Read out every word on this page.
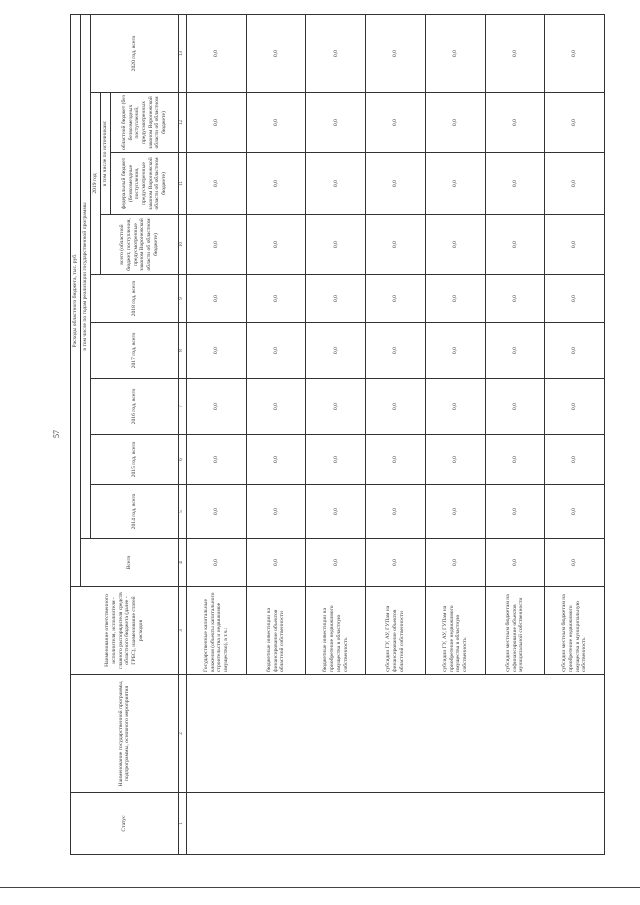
57
Статус	Наименование государственной программы, подпрограммы, основного мероприятия	Наименование ответственного исполнителя, исполнителя - главного распорядителя средств областного бюджета (далее - ГРБС), наименование статей расходов	Расходы областного бюджета, тыс. руб.									
			Всего	в том числе по годам реализации государственной программы								
				2014 год, всего	2015 год, всего	2016 год, всего	2017 год, всего	2018 год, всего	2019 год			2020 год, всего
									всего (областной бюджет, поступления, предусмотренные законом Воронежской области об областном бюджете)	в том числе по источникам:		
										федеральный бюджет (безвозмездные поступления, предусмотренные законом Воронежской области об областном бюджете)	областной бюджет (без безвозмездных поступлений, предусмотренных законом Воронежской области об областном бюджете)	
1	2	3	4	5	6	7	8	9	10	11	12	13
		Государственные капитальные вложения (объекты капитального строительства и недвижимое имущество), в т.ч.:	0,0	0,0	0,0	0,0	0,0	0,0	0,0	0,0	0,0	0,0
		бюджетные инвестиции на финансирование объектов областной собственности	0,0	0,0	0,0	0,0	0,0	0,0	0,0	0,0	0,0	0,0
		бюджетные инвестиции на приобретение недвижимого имущества в областную собственность	0,0	0,0	0,0	0,0	0,0	0,0	0,0	0,0	0,0	0,0
		субсидии ГУ, АУ, ГУПам на финансирование объектов областной собственности	0,0	0,0	0,0	0,0	0,0	0,0	0,0	0,0	0,0	0,0
		субсидии ГУ, АУ, ГУПам на приобретение недвижимого имущества в областную собственность	0,0	0,0	0,0	0,0	0,0	0,0	0,0	0,0	0,0	0,0
		субсидии местным бюджетам на софинансирование объектов муниципальной собственности	0,0	0,0	0,0	0,0	0,0	0,0	0,0	0,0	0,0	0,0
		субсидии местным бюджетам на приобретение недвижимого имущества в муниципальную собственность	0,0	0,0	0,0	0,0	0,0	0,0	0,0	0,0	0,0	0,0
